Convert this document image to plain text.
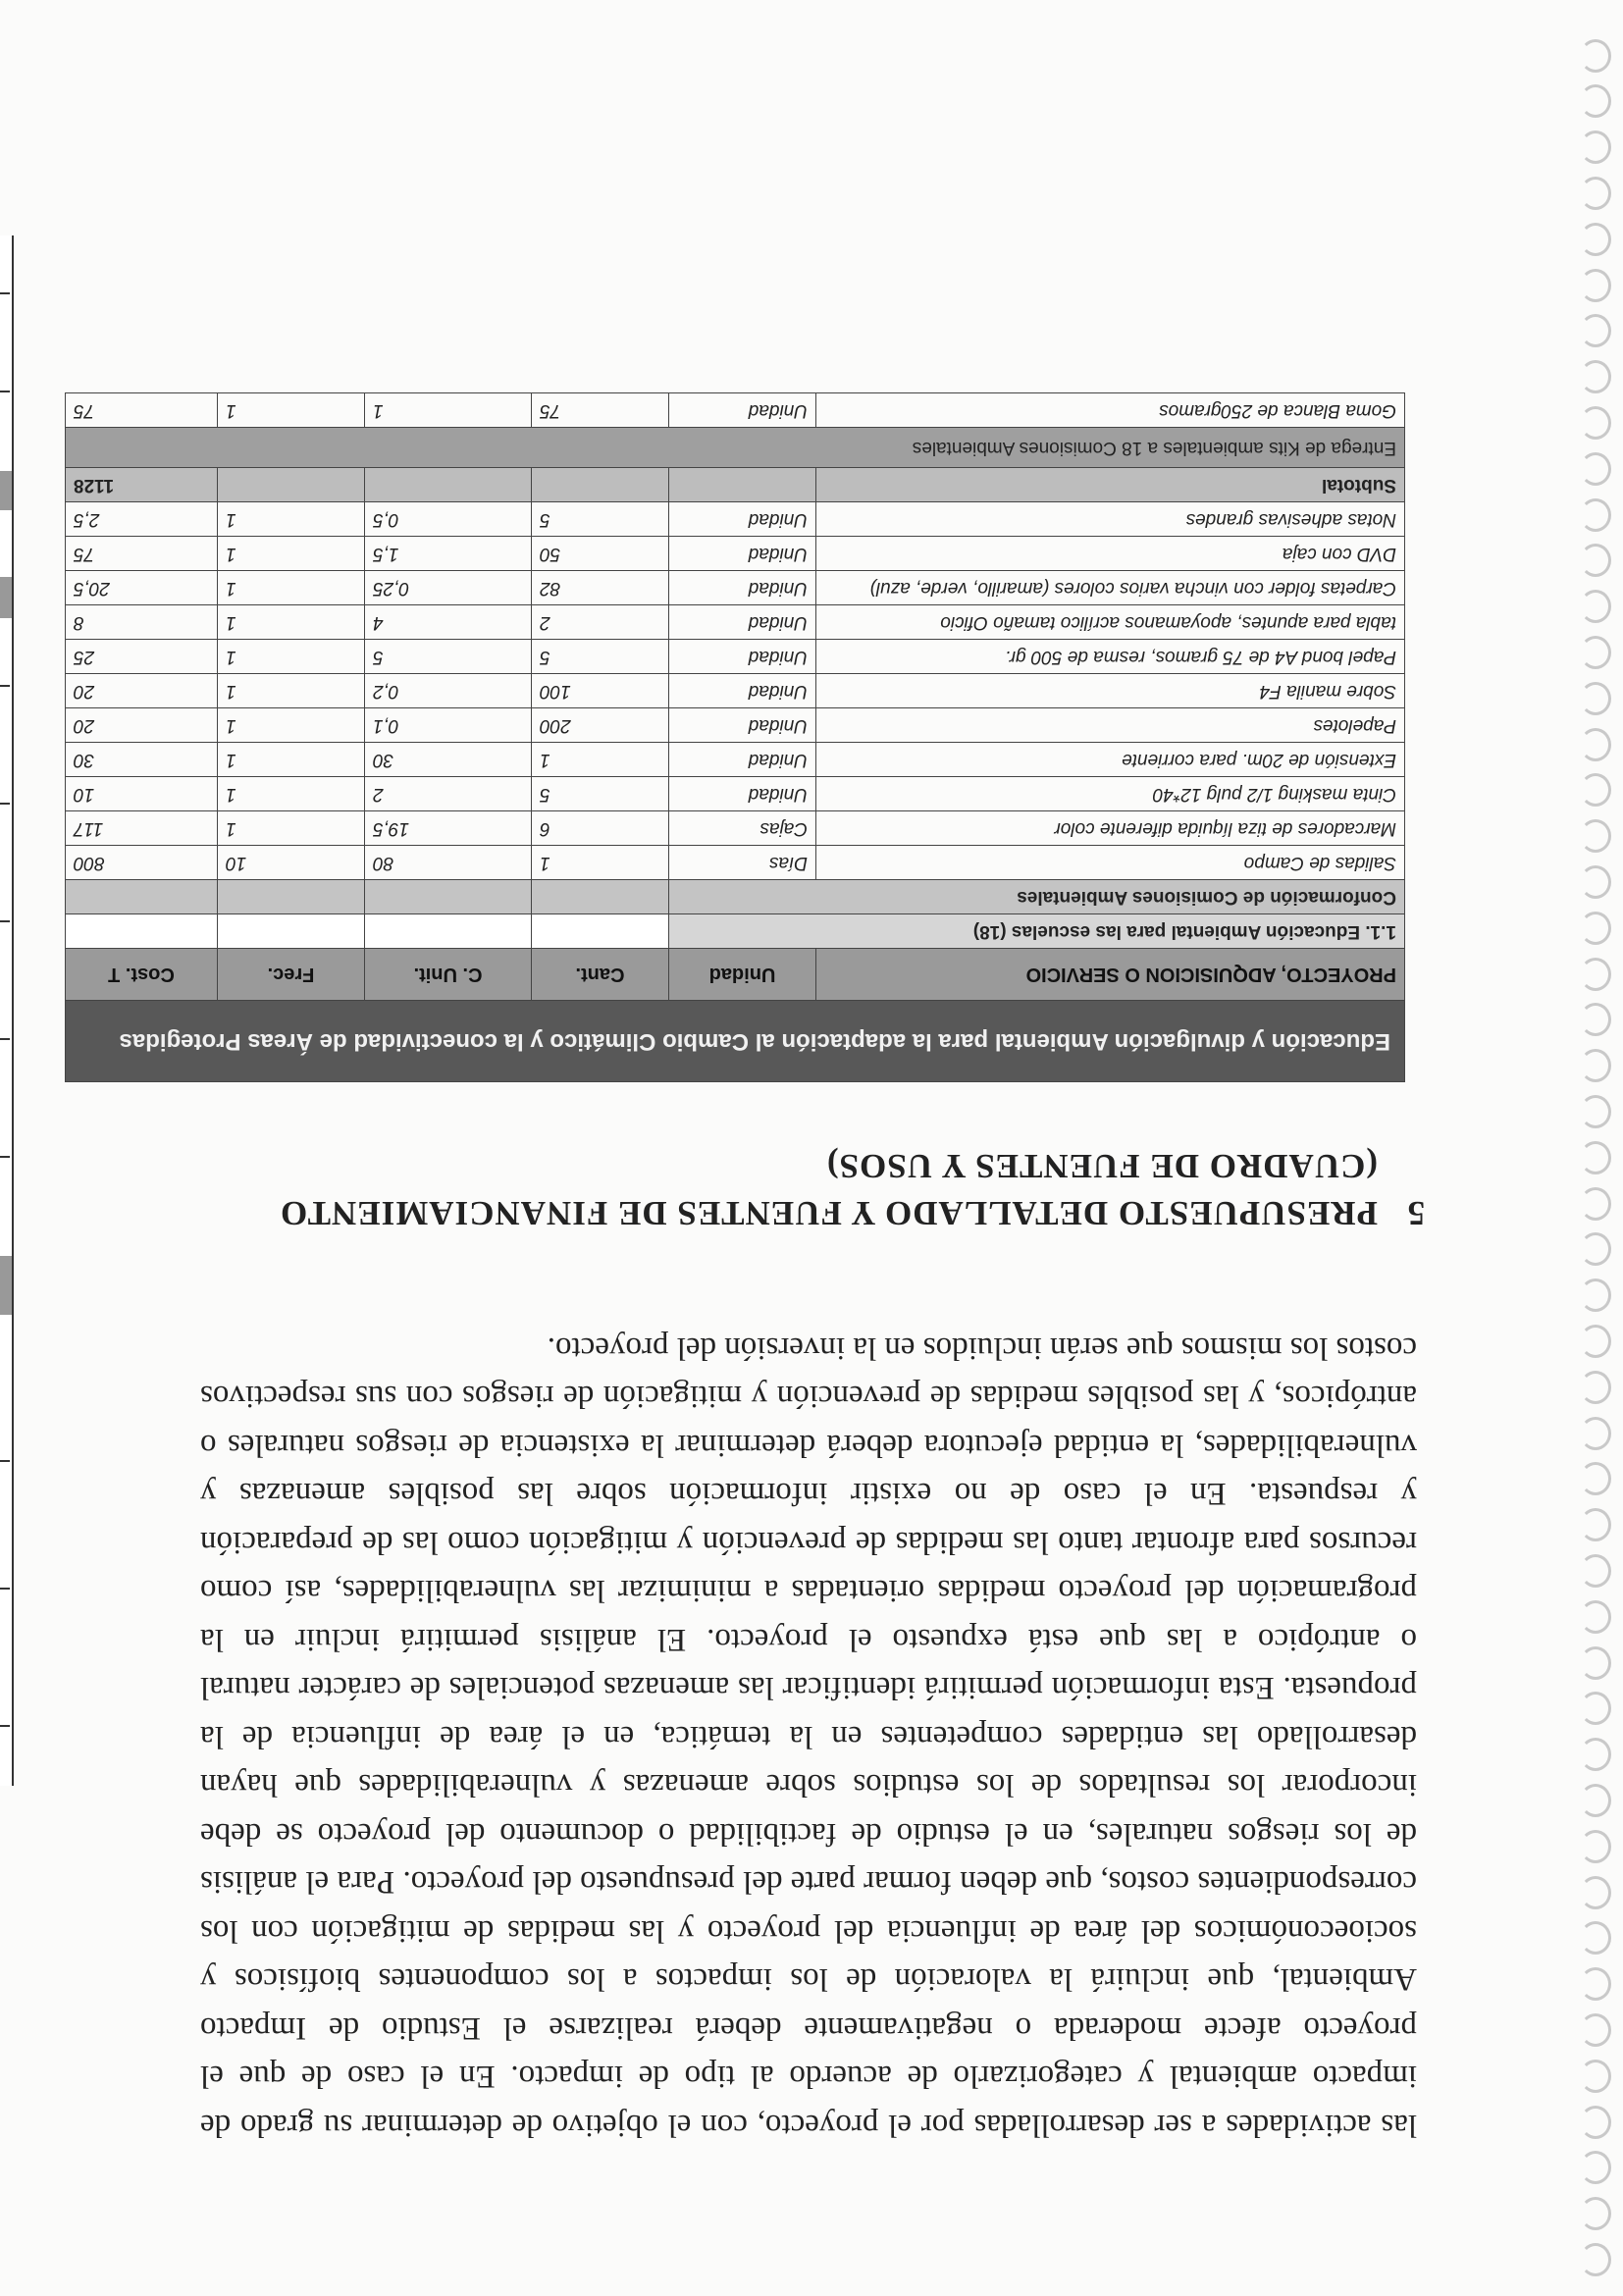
las actividades a ser desarrolladas por el proyecto, con el objetivo de determinar su grado de impacto ambiental y categorizarlo de acuerdo al tipo de impacto. En el caso de que el proyecto afecte moderada o negativamente deberá realizarse el Estudio de Impacto Ambiental, que incluirá la valoración de los impactos a los componentes biofísicos y socioeconómicos del área de influencia del proyecto y las medidas de mitigación con los correspondientes costos, que deben formar parte del presupuesto del proyecto. Para el análisis de los riesgos naturales, en el estudio de factibilidad o documento del proyecto se debe incorporar los resultados de los estudios sobre amenazas y vulnerabilidades que hayan desarrollado las entidades competentes en la temática, en el área de influencia de la propuesta. Esta información permitirá identificar las amenazas potenciales de carácter natural o antrópico a las que está expuesto el proyecto. El análisis permitirá incluir en la programación del proyecto medidas orientadas a minimizar las vulnerabilidades, así como recursos para afrontar tanto las medidas de prevención y mitigación como las de preparación y respuesta. En el caso de no existir información sobre las posibles amenazas y vulnerabilidades, la entidad ejecutora deberá determinar la existencia de riesgos naturales o antrópicos, y las posibles medidas de prevención y mitigación de riesgos con sus respectivos costos los mismos que serán incluidos en la inversión del proyecto.

5
PRESUPUESTO DETALLADO Y FUENTES DE FINANCIAMIENTO (CUADRO DE FUENTES Y USOS)
Educación y divulgación Ambiental para la adaptación al Cambio Climático y la conectividad de Áreas Protegidas					
PROYECTO, ADQUISICION O SERVICIO	Unidad	Cant.	C. Unit.	Frec.	Cost. T
1.1. Educación Ambiental para las escuelas (18)					
Conformación de Comisiones Ambientales					
Salidas de Campo	Días	1	80	10	800
Marcadores de tiza líquida diferente color	Cajas	6	19,5	1	117
Cinta masking 1/2 pulg 12*40	Unidad	5	2	1	10
Extensión de 20m. para corriente	Unidad	1	30	1	30
Papelotes	Unidad	200	0,1	1	20
Sobre manila F4	Unidad	100	0,2	1	20
Papel bond A4 de 75 gramos, resma de 500 gr.	Unidad	5	5	1	25
tabla para apuntes, apoyamanos acrílico tamaño Oficio	Unidad	2	4	1	8
Carpetas folder con vincha varios colores (amarillo, verde, azul)	Unidad	82	0,25	1	20,5
DVD con caja	Unidad	50	1,5	1	75
Notas adhesivas grandes	Unidad	5	0,5	1	2,5
Subtotal					1128
Entrega de Kits ambientales a 18 Comisiones Ambientales					
Goma Blanca de 250gramos	Unidad	75	1	1	75
